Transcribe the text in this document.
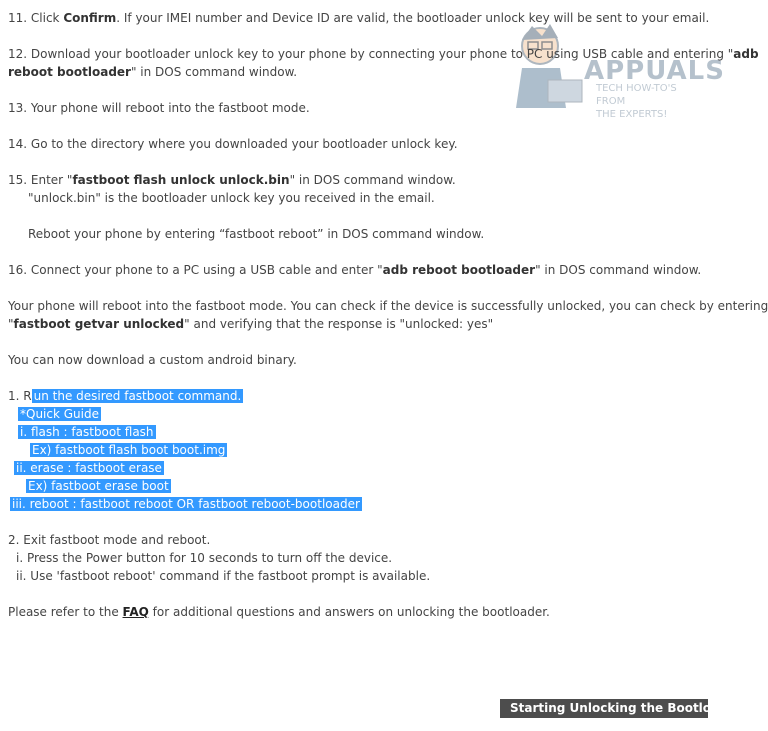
APPUALS
TECH HOW-TO'S FROM
THE EXPERTS!
11. Click Confirm. If your IMEI number and Device ID are valid, the bootloader unlock key will be sent to your email.
12. Download your bootloader unlock key to your phone by connecting your phone to PC using USB cable and entering "adb
reboot bootloader" in DOS command window.
13. Your phone will reboot into the fastboot mode.
14. Go to the directory where you downloaded your bootloader unlock key.
15. Enter "fastboot flash unlock unlock.bin" in DOS command window.
"unlock.bin" is the bootloader unlock key you received in the email.
Reboot your phone by entering “fastboot reboot” in DOS command window.
16. Connect your phone to a PC using a USB cable and enter "adb reboot bootloader" in DOS command window.
Your phone will reboot into the fastboot mode. You can check if the device is successfully unlocked, you can check by entering
"fastboot getvar unlocked" and verifying that the response is "unlocked: yes"
You can now download a custom android binary.
1. R un the desired fastboot command.
*Quick Guide
i. flash : fastboot flash
Ex) fastboot flash boot boot.img
ii. erase : fastboot erase
Ex) fastboot erase boot
iii. reboot : fastboot reboot OR fastboot reboot-bootloader
2. Exit fastboot mode and reboot.
i. Press the Power button for 10 seconds to turn off the device.
ii. Use 'fastboot reboot' command if the fastboot prompt is available.
Please refer to the FAQ for additional questions and answers on unlocking the bootloader.
Starting Unlocking the Bootloader
